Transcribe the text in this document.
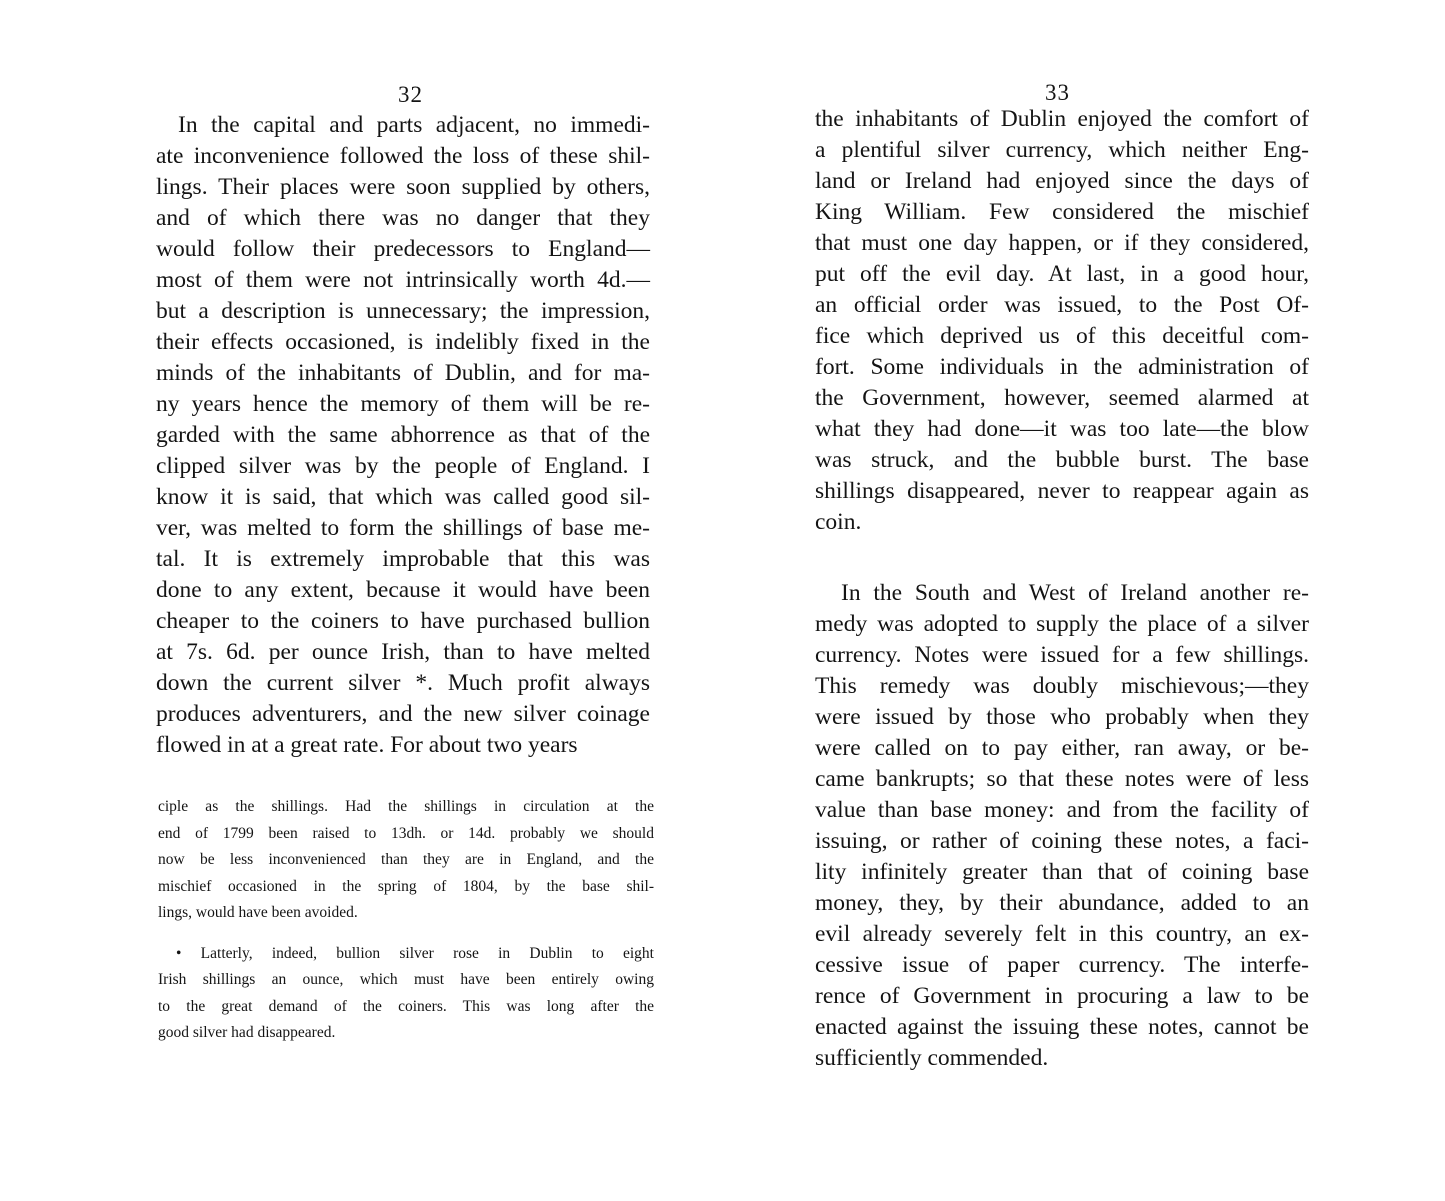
32
In the capital and parts adjacent, no immedi-
ate inconvenience followed the loss of these shil-
lings. Their places were soon supplied by others,
and of which there was no danger that they
would follow their predecessors to England—
most of them were not intrinsically worth 4d.—
but a description is unnecessary; the impression,
their effects occasioned, is indelibly fixed in the
minds of the inhabitants of Dublin, and for ma-
ny years hence the memory of them will be re-
garded with the same abhorrence as that of the
clipped silver was by the people of England. I
know it is said, that which was called good sil-
ver, was melted to form the shillings of base me-
tal. It is extremely improbable that this was
done to any extent, because it would have been
cheaper to the coiners to have purchased bullion
at 7s. 6d. per ounce Irish, than to have melted
down the current silver *. Much profit always
produces adventurers, and the new silver coinage
flowed in at a great rate. For about two years
ciple as the shillings. Had the shillings in circulation at the
end of 1799 been raised to 13dh. or 14d. probably we should
now be less inconvenienced than they are in England, and the
mischief occasioned in the spring of 1804, by the base shil-
lings, would have been avoided.
• Latterly, indeed, bullion silver rose in Dublin to eight
Irish shillings an ounce, which must have been entirely owing
to the great demand of the coiners. This was long after the
good silver had disappeared.
33
the inhabitants of Dublin enjoyed the comfort of
a plentiful silver currency, which neither Eng-
land or Ireland had enjoyed since the days of
King William. Few considered the mischief
that must one day happen, or if they considered,
put off the evil day. At last, in a good hour,
an official order was issued, to the Post Of-
fice which deprived us of this deceitful com-
fort. Some individuals in the administration of
the Government, however, seemed alarmed at
what they had done—it was too late—the blow
was struck, and the bubble burst. The base
shillings disappeared, never to reappear again as
coin.
In the South and West of Ireland another re-
medy was adopted to supply the place of a silver
currency. Notes were issued for a few shillings.
This remedy was doubly mischievous;—they
were issued by those who probably when they
were called on to pay either, ran away, or be-
came bankrupts; so that these notes were of less
value than base money: and from the facility of
issuing, or rather of coining these notes, a faci-
lity infinitely greater than that of coining base
money, they, by their abundance, added to an
evil already severely felt in this country, an ex-
cessive issue of paper currency. The interfe-
rence of Government in procuring a law to be
enacted against the issuing these notes, cannot be
sufficiently commended.
